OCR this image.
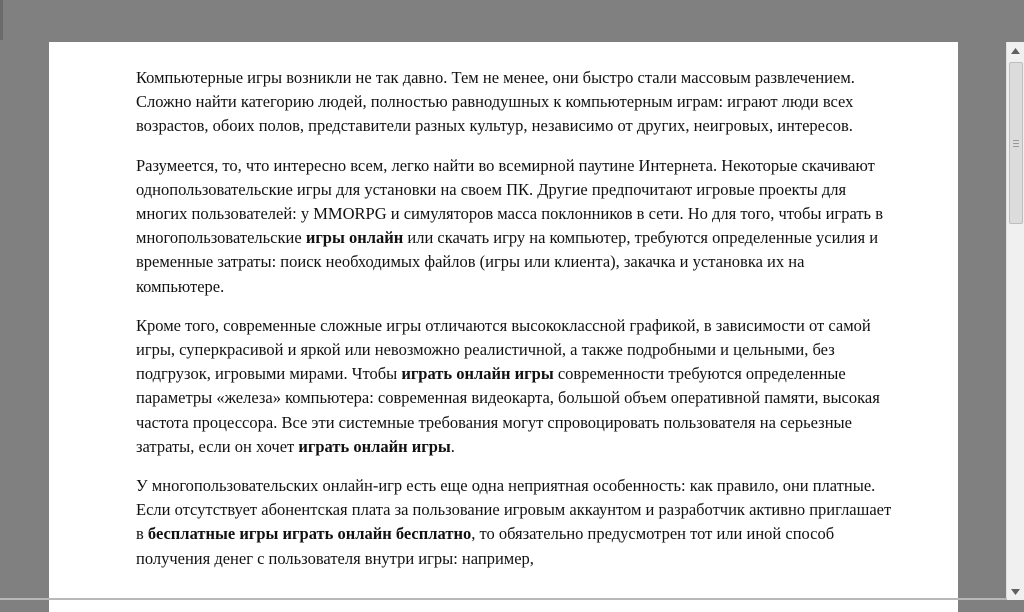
Компьютерные игры возникли не так давно. Тем не менее, они быстро стали массовым развлечением. Сложно найти категорию людей, полностью равнодушных к компьютерным играм: играют люди всех возрастов, обоих полов, представители разных культур, независимо от других, неигровых, интересов.

Разумеется, то, что интересно всем, легко найти во всемирной паутине Интернета. Некоторые скачивают однопользовательские игры для установки на своем ПК. Другие предпочитают игровые проекты для многих пользователей: у MMORPG и симуляторов масса поклонников в сети. Но для того, чтобы играть в многопользовательские игры онлайн или скачать игру на компьютер, требуются определенные усилия и временные затраты: поиск необходимых файлов (игры или клиента), закачка и установка их на компьютере.

Кроме того, современные сложные игры отличаются высококлассной графикой, в зависимости от самой игры, суперкрасивой и яркой или невозможно реалистичной, а также подробными и цельными, без подгрузок, игровыми мирами. Чтобы играть онлайн игры современности требуются определенные параметры «железа» компьютера: современная видеокарта, большой объем оперативной памяти, высокая частота процессора. Все эти системные требования могут спровоцировать пользователя на серьезные затраты, если он хочет играть онлайн игры.

У многопользовательских онлайн-игр есть еще одна неприятная особенность: как правило, они платные. Если отсутствует абонентская плата за пользование игровым аккаунтом и разработчик активно приглашает в бесплатные игры играть онлайн бесплатно, то обязательно предусмотрен тот или иной способ получения денег с пользователя внутри игры: например,
